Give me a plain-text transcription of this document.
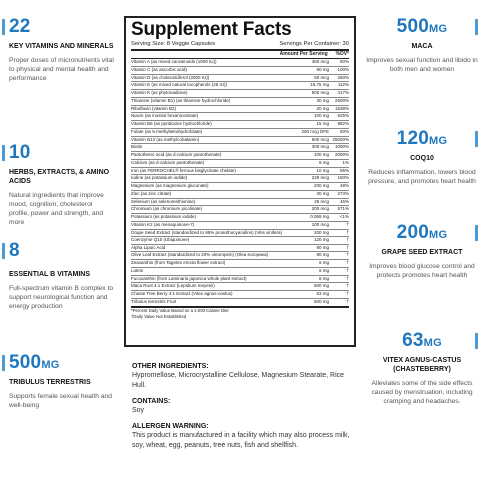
22
KEY VITAMINS AND MINERALS
Proper doses of micronutrients vital to physical and mental health and performance
10
HERBS, EXTRACTS, & AMINO ACIDS
Natural ingredients that improve mood, cognition, cholesterol profile, power and strength, and more
8
ESSENTIAL B VITAMINS
Full-spectrum vitamin B complex to support neurological function and energy production
500MG
TRIBULUS TERRESTRIS
Supports female sexual health and well-being
Supplement Facts
Serving Size: 8 Veggie Capsules	Servings Per Container: 30
Amount Per Serving %DV*
Vitamin A (as mixed carotenoids (1500 IU))	450 mcg	50%
Vitamin C (as ascorbic acid)	90 mg	100%
Vitamin D (as cholecalciferol (2000 IU))	50 mcg	250%
Vitamin E (as mixed natural tocopherols (25 IU))	16.75 mg	112%
Vitamin K (as phytonadione)	500 mcg	417%
Thiamine (vitamin B1) (as thiamine hydrochloride)	30 mg	2500%
Riboflavin (vitamin B2)	20 mg	1538%
Niacin (as inositol hexanicotinate)	100 mg	625%
Vitamin B6 (as pyridoxine hydrochloride)	15 mg	882%
Folate (as 5-methyltetrahydrofolate)	200 mcg DFE	50%
Vitamin B12 (as methylcobalamin)	600 mcg 25000%
Biotin	300 mcg	1000%
Pantothenic acid (as d-calcium pantothenate)	100 mg	2000%
Calcium (as d-calcium pantothenate)	9 mg	1%
Iron (as FERROCHEL® ferrous bisglycinate chelate)	10 mg	56%
Iodine (as potassium iodide)	225 mcg	150%
Magnesium (as magnesium gluconate)	200 mg	48%
Zinc (as zinc citrate)	30 mg	273%
Selenium (as selenomethionine)	25 mcg	45%
Chromium (as chromium picolinate)	200 mcg	571%
Potassium (as potassium iodide)	0.069 mg	<1%
Vitamin K2 (as menaquinone-7)	100 mcg	†
Grape Seed Extract (standardized to 95% proanthocyanidins) (Vitis vinifera)	200 mg	†
Coenzyme Q10 (Ubiquinone)	120 mg	†
Alpha Lipoic Acid	90 mg	†
Olive Leaf Extract (standardized to 20% oleuropein) (Olea europaea)	80 mg	†
Zeaxanthin (from Tagetes erecta flower extract)	6 mg	†
Lutein	6 mg	†
Fucoxanthin (from Laminaria japonica whole plant extract)	8 mg	†
Maca Root 4:1 Extract (Lepidium meyenii)	500 mg	†
Chaste Tree Berry 4:1 Extract (Vitex agnus-castus)	63 mg	†
Tribulus terrestris Fruit	500 mg	†
*Percent Daily Value Based on a 2,000 Calorie Diet
†Daily Value Not Established
OTHER INGREDIENTS:
Hypromellose, Microcrystalline Cellulose, Magnesium Stearate, Rice Hull.
CONTAINS:
Soy
ALLERGEN WARNING:
This product is manufactured in a facility which may also process milk, soy, wheat, egg, peanuts, tree nuts, fish and shellfish.
500MG
MACA
Improves sexual function and libido in both men and women
120MG
COQ10
Reduces inflammation, lowers blood pressure, and promotes heart health
200MG
GRAPE SEED EXTRACT
Improves blood glucose control and protects promotes heart health
63MG
VITEX AGNUS-CASTUS (CHASTEBERRY)
Alleviates some of the side effects caused by menstruation, including cramping and headaches.
